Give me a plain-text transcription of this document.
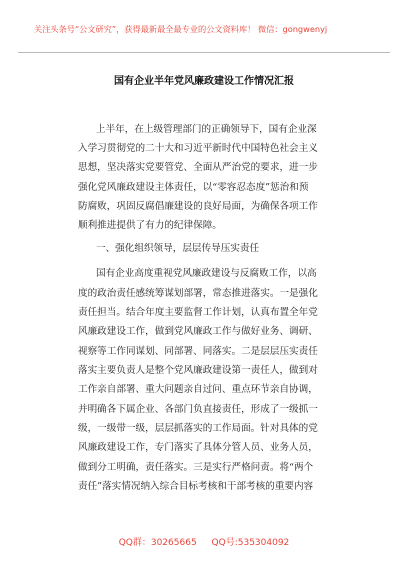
关注头条号“公文研究”，获得最新最全最专业的公文资料库！ 微信：gongwenyj
国有企业半年党风廉政建设工作情况汇报
上半年，在上级管理部门的正确领导下，国有企业深
入学习贯彻党的二十大和习近平新时代中国特色社会主义
思想，坚决落实党要管党、全面从严治党的要求，进一步
强化党风廉政建设主体责任，以“零容忍态度”惩治和预
防腐败，巩固反腐倡廉建设的良好局面，为确保各项工作
顺利推进提供了有力的纪律保障。
一、强化组织领导，层层传导压实责任
国有企业高度重视党风廉政建设与反腐败工作，以高
度的政治责任感统筹谋划部署，常态推进落实。一是强化
责任担当。结合年度主要监督工作计划，认真布置全年党
风廉政建设工作，做到党风廉政工作与做好业务、调研、
视察等工作同谋划、同部署、同落实。二是层层压实责任
落实主要负责人是整个党风廉政建设第一责任人，做到对
工作亲自部署、重大问题亲自过问、重点环节亲自协调，
并明确各下属企业、各部门负直接责任，形成了一级抓一
级，一级带一级，层层抓落实的工作局面。针对具体的党
风廉政建设工作，专门落实了具体分管人员、业务人员，
做到分工明确，责任落实。三是实行严格问责。将“两个
责任”落实情况纳入综合目标考核和干部考核的重要内容
QQ群：30265665 QQ号:535304092
